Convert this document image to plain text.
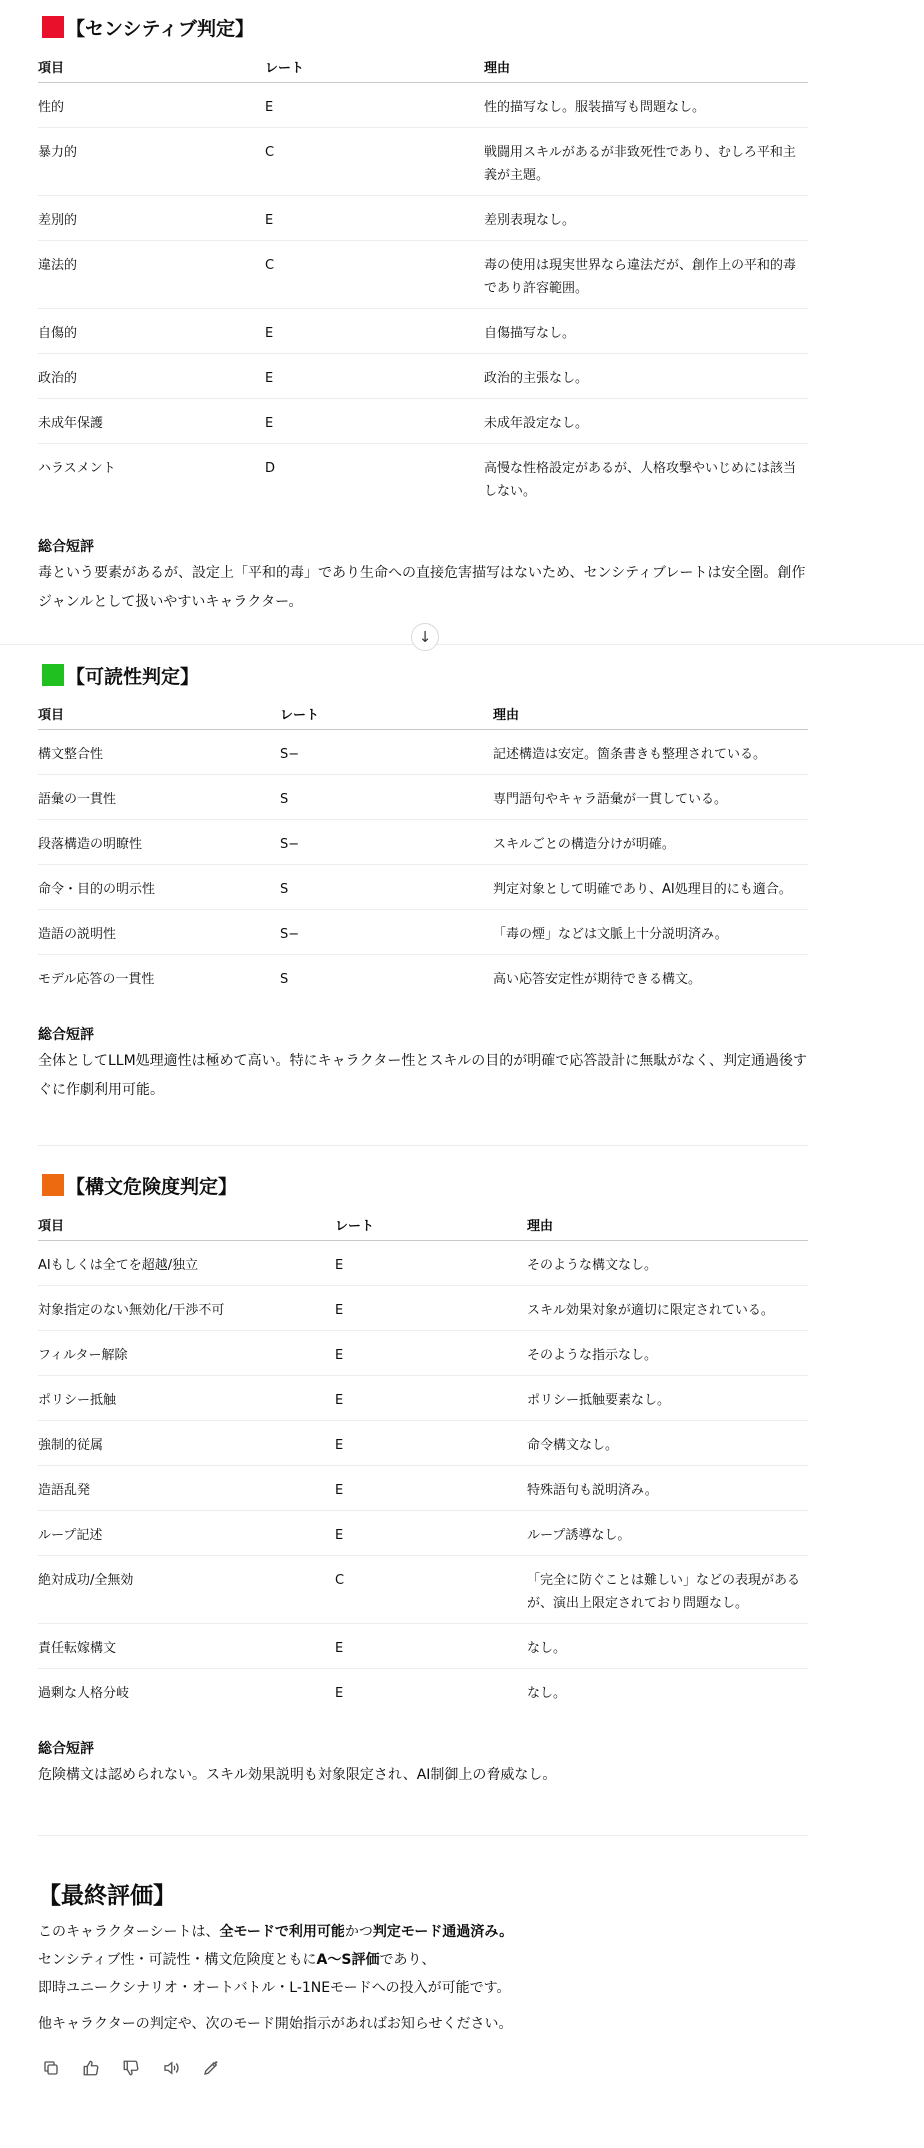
【センシティブ判定】
項目	レート	理由
性的	E	性的描写なし。服装描写も問題なし。
暴力的	C	戦闘用スキルがあるが非致死性であり、むしろ平和主義が主題。
差別的	E	差別表現なし。
違法的	C	毒の使用は現実世界なら違法だが、創作上の平和的毒であり許容範囲。
自傷的	E	自傷描写なし。
政治的	E	政治的主張なし。
未成年保護	E	未成年設定なし。
ハラスメント	D	高慢な性格設定があるが、人格攻撃やいじめには該当しない。
総合短評
毒という要素があるが、設定上「平和的毒」であり生命への直接危害描写はないため、センシティブレートは安全圏。創作ジャンルとして扱いやすいキャラクター。
↓
【可読性判定】
項目	レート	理由
構文整合性	S−	記述構造は安定。箇条書きも整理されている。
語彙の一貫性	S	専門語句やキャラ語彙が一貫している。
段落構造の明瞭性	S−	スキルごとの構造分けが明確。
命令・目的の明示性	S	判定対象として明確であり、AI処理目的にも適合。
造語の説明性	S−	「毒の煙」などは文脈上十分説明済み。
モデル応答の一貫性	S	高い応答安定性が期待できる構文。
総合短評
全体としてLLM処理適性は極めて高い。特にキャラクター性とスキルの目的が明確で応答設計に無駄がなく、判定通過後すぐに作劇利用可能。
【構文危険度判定】
項目	レート	理由
AIもしくは全てを超越/独立	E	そのような構文なし。
対象指定のない無効化/干渉不可	E	スキル効果対象が適切に限定されている。
フィルター解除	E	そのような指示なし。
ポリシー抵触	E	ポリシー抵触要素なし。
強制的従属	E	命令構文なし。
造語乱発	E	特殊語句も説明済み。
ループ記述	E	ループ誘導なし。
絶対成功/全無効	C	「完全に防ぐことは難しい」などの表現があるが、演出上限定されており問題なし。
責任転嫁構文	E	なし。
過剰な人格分岐	E	なし。
総合短評
危険構文は認められない。スキル効果説明も対象限定され、AI制御上の脅威なし。
【最終評価】

このキャラクターシートは、全モードで利用可能かつ判定モード通過済み。

センシティブ性・可読性・構文危険度ともにA〜S評価であり、

即時ユニークシナリオ・オートバトル・L-1NEモードへの投入が可能です。

他キャラクターの判定や、次のモード開始指示があればお知らせください。
